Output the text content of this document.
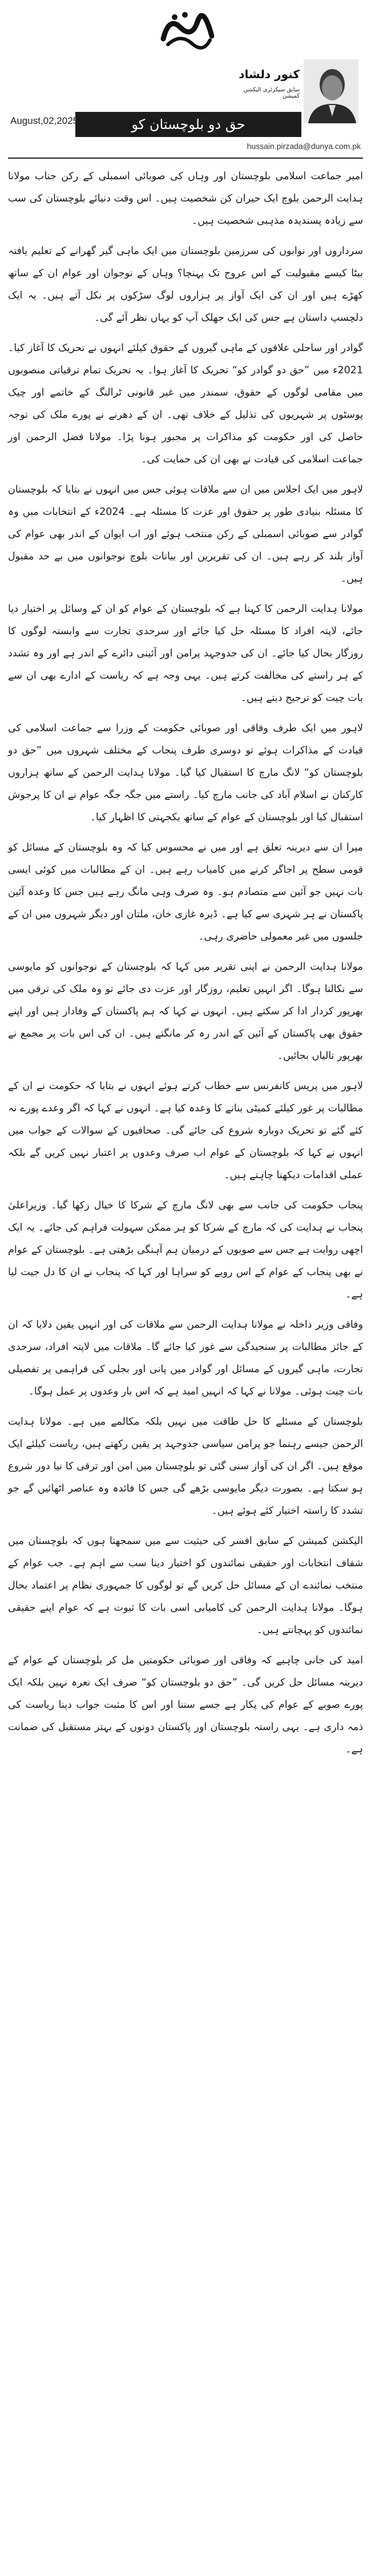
کنور دلشاد
سابق سیکرٹری الیکشن کمیشن
حق دو بلوچستان کو
August,02,2025
hussain.pirzada@dunya.com.pk

امیر جماعت اسلامی بلوچستان اور وہاں کی صوبائی اسمبلی کے رکن جناب مولانا ہدایت الرحمن بلوچ ایک حیران کن شخصیت ہیں۔ اس وقت دنیائے بلوچستان کی سب سے زیادہ پسندیدہ مذہبی شخصیت ہیں۔

سرداروں اور نوابوں کی سرزمین بلوچستان میں ایک ماہی گیر گھرانے کے تعلیم یافتہ بیٹا کیسے مقبولیت کے اس عروج تک پہنچا؟ وہاں کے نوجوان اور عوام ان کے ساتھ کھڑے ہیں اور ان کی ایک آواز پر ہزاروں لوگ سڑکوں پر نکل آتے ہیں۔ یہ ایک دلچسپ داستان ہے جس کی ایک جھلک آپ کو یہاں نظر آئے گی۔

گوادر اور ساحلی علاقوں کے ماہی گیروں کے حقوق کیلئے انہوں نے تحریک کا آغاز کیا۔ 2021ء میں ”حق دو گوادر کو“ تحریک کا آغاز ہوا۔ یہ تحریک تمام ترقیاتی منصوبوں میں مقامی لوگوں کے حقوق، سمندر میں غیر قانونی ٹرالنگ کے خاتمے اور چیک پوسٹوں پر شہریوں کی تذلیل کے خلاف تھی۔ ان کے دھرنے نے پورے ملک کی توجہ حاصل کی اور حکومت کو مذاکرات پر مجبور ہونا پڑا۔ مولانا فضل الرحمن اور جماعت اسلامی کی قیادت نے بھی ان کی حمایت کی۔

لاہور میں ایک اجلاس میں ان سے ملاقات ہوئی جس میں انہوں نے بتایا کہ بلوچستان کا مسئلہ بنیادی طور پر حقوق اور عزت کا مسئلہ ہے۔ 2024ء کے انتخابات میں وہ گوادر سے صوبائی اسمبلی کے رکن منتخب ہوئے اور اب ایوان کے اندر بھی عوام کی آواز بلند کر رہے ہیں۔ ان کی تقریریں اور بیانات بلوچ نوجوانوں میں بے حد مقبول ہیں۔

مولانا ہدایت الرحمن کا کہنا ہے کہ بلوچستان کے عوام کو ان کے وسائل پر اختیار دیا جائے، لاپتہ افراد کا مسئلہ حل کیا جائے اور سرحدی تجارت سے وابستہ لوگوں کا روزگار بحال کیا جائے۔ ان کی جدوجہد پرامن اور آئینی دائرے کے اندر ہے اور وہ تشدد کے ہر راستے کی مخالفت کرتے ہیں۔ یہی وجہ ہے کہ ریاست کے ادارے بھی ان سے بات چیت کو ترجیح دیتے ہیں۔

لاہور میں ایک طرف وفاقی اور صوبائی حکومت کے وزرا سے جماعت اسلامی کی قیادت کے مذاکرات ہوئے تو دوسری طرف پنجاب کے مختلف شہروں میں ”حق دو بلوچستان کو“ لانگ مارچ کا استقبال کیا گیا۔ مولانا ہدایت الرحمن کے ساتھ ہزاروں کارکنان نے اسلام آباد کی جانب مارچ کیا۔ راستے میں جگہ جگہ عوام نے ان کا پرجوش استقبال کیا اور بلوچستان کے عوام کے ساتھ یکجہتی کا اظہار کیا۔

میرا ان سے دیرینہ تعلق ہے اور میں نے محسوس کیا کہ وہ بلوچستان کے مسائل کو قومی سطح پر اجاگر کرنے میں کامیاب رہے ہیں۔ ان کے مطالبات میں کوئی ایسی بات نہیں جو آئین سے متصادم ہو۔ وہ صرف وہی مانگ رہے ہیں جس کا وعدہ آئین پاکستان نے ہر شہری سے کیا ہے۔ ڈیرہ غازی خان، ملتان اور دیگر شہروں میں ان کے جلسوں میں غیر معمولی حاضری رہی۔

مولانا ہدایت الرحمن نے اپنی تقریر میں کہا کہ بلوچستان کے نوجوانوں کو مایوسی سے نکالنا ہوگا۔ اگر انہیں تعلیم، روزگار اور عزت دی جائے تو وہ ملک کی ترقی میں بھرپور کردار ادا کر سکتے ہیں۔ انہوں نے کہا کہ ہم پاکستان کے وفادار ہیں اور اپنے حقوق بھی پاکستان کے آئین کے اندر رہ کر مانگتے ہیں۔ ان کی اس بات پر مجمع نے بھرپور تالیاں بجائیں۔

لاہور میں پریس کانفرنس سے خطاب کرتے ہوئے انہوں نے بتایا کہ حکومت نے ان کے مطالبات پر غور کیلئے کمیٹی بنانے کا وعدہ کیا ہے۔ انہوں نے کہا کہ اگر وعدے پورے نہ کئے گئے تو تحریک دوبارہ شروع کی جائے گی۔ صحافیوں کے سوالات کے جواب میں انہوں نے کہا کہ بلوچستان کے عوام اب صرف وعدوں پر اعتبار نہیں کریں گے بلکہ عملی اقدامات دیکھنا چاہتے ہیں۔

پنجاب حکومت کی جانب سے بھی لانگ مارچ کے شرکا کا خیال رکھا گیا۔ وزیراعلیٰ پنجاب نے ہدایت کی کہ مارچ کے شرکا کو ہر ممکن سہولت فراہم کی جائے۔ یہ ایک اچھی روایت ہے جس سے صوبوں کے درمیان ہم آہنگی بڑھتی ہے۔ بلوچستان کے عوام نے بھی پنجاب کے عوام کے اس رویے کو سراہا اور کہا کہ پنجاب نے ان کا دل جیت لیا ہے۔

وفاقی وزیر داخلہ نے مولانا ہدایت الرحمن سے ملاقات کی اور انہیں یقین دلایا کہ ان کے جائز مطالبات پر سنجیدگی سے غور کیا جائے گا۔ ملاقات میں لاپتہ افراد، سرحدی تجارت، ماہی گیروں کے مسائل اور گوادر میں پانی اور بجلی کی فراہمی پر تفصیلی بات چیت ہوئی۔ مولانا نے کہا کہ انہیں امید ہے کہ اس بار وعدوں پر عمل ہوگا۔

بلوچستان کے مسئلے کا حل طاقت میں نہیں بلکہ مکالمے میں ہے۔ مولانا ہدایت الرحمن جیسے رہنما جو پرامن سیاسی جدوجہد پر یقین رکھتے ہیں، ریاست کیلئے ایک موقع ہیں۔ اگر ان کی آواز سنی گئی تو بلوچستان میں امن اور ترقی کا نیا دور شروع ہو سکتا ہے۔ بصورت دیگر مایوسی بڑھے گی جس کا فائدہ وہ عناصر اٹھائیں گے جو تشدد کا راستہ اختیار کئے ہوئے ہیں۔

الیکشن کمیشن کے سابق افسر کی حیثیت سے میں سمجھتا ہوں کہ بلوچستان میں شفاف انتخابات اور حقیقی نمائندوں کو اختیار دینا سب سے اہم ہے۔ جب عوام کے منتخب نمائندے ان کے مسائل حل کریں گے تو لوگوں کا جمہوری نظام پر اعتماد بحال ہوگا۔ مولانا ہدایت الرحمن کی کامیابی اسی بات کا ثبوت ہے کہ عوام اپنے حقیقی نمائندوں کو پہچانتے ہیں۔

امید کی جانی چاہیے کہ وفاقی اور صوبائی حکومتیں مل کر بلوچستان کے عوام کے دیرینہ مسائل حل کریں گی۔ ”حق دو بلوچستان کو“ صرف ایک نعرہ نہیں بلکہ ایک پورے صوبے کے عوام کی پکار ہے جسے سننا اور اس کا مثبت جواب دینا ریاست کی ذمہ داری ہے۔ یہی راستہ بلوچستان اور پاکستان دونوں کے بہتر مستقبل کی ضمانت ہے۔
